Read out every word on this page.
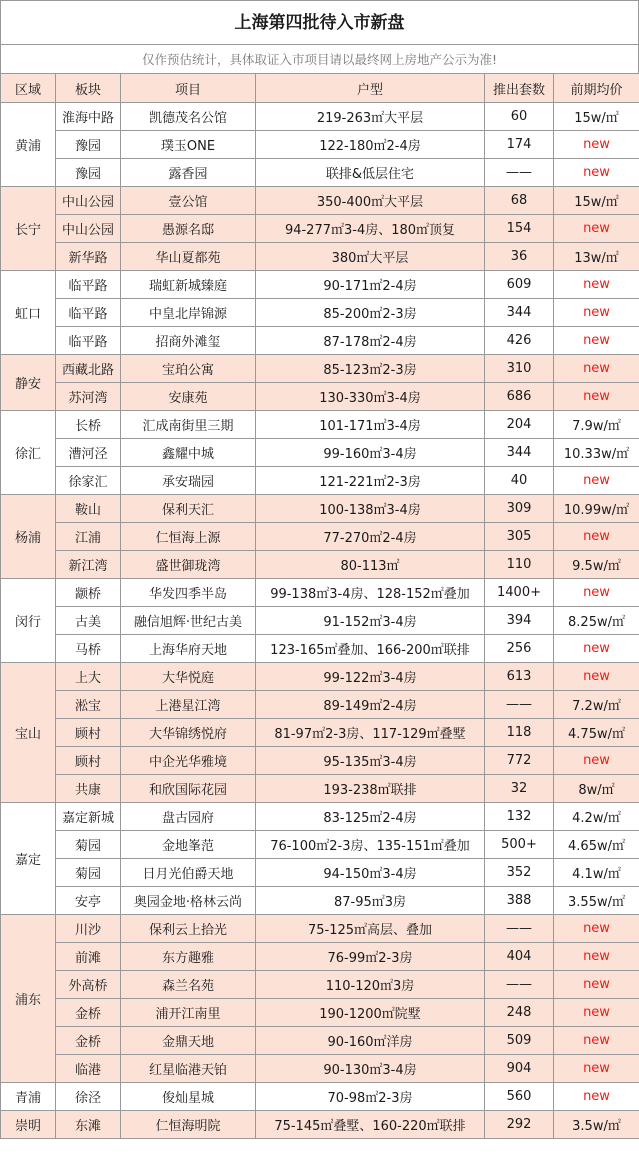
上海第四批待入市新盘
仅作预估统计，具体取证入市项目请以最终网上房地产公示为准!
区域	板块	项目	户型	推出套数	前期均价
黄浦	淮海中路	凯德茂名公馆	219-263㎡大平层	60	15w/㎡
	豫园	璞玉ONE	122-180㎡2-4房	174	new
	豫园	露香园	联排&低层住宅	——	new
长宁	中山公园	壹公馆	350-400㎡大平层	68	15w/㎡
	中山公园	愚源名邸	94-277㎡3-4房、180㎡顶复	154	new
	新华路	华山夏都苑	380㎡大平层	36	13w/㎡
虹口	临平路	瑞虹新城臻庭	90-171㎡2-4房	609	new
	临平路	中皇北岸锦源	85-200㎡2-3房	344	new
	临平路	招商外滩玺	87-178㎡2-4房	426	new
静安	西藏北路	宝珀公寓	85-123㎡2-3房	310	new
	苏河湾	安康苑	130-330㎡3-4房	686	new
徐汇	长桥	汇成南街里三期	101-171㎡3-4房	204	7.9w/㎡
	漕河泾	鑫耀中城	99-160㎡3-4房	344	10.33w/㎡
	徐家汇	承安瑞园	121-221㎡2-3房	40	new
杨浦	鞍山	保利天汇	100-138㎡3-4房	309	10.99w/㎡
	江浦	仁恒海上源	77-270㎡2-4房	305	new
	新江湾	盛世御珑湾	80-113㎡	110	9.5w/㎡
闵行	颛桥	华发四季半岛	99-138㎡3-4房、128-152㎡叠加	1400+	new
	古美	融信旭辉·世纪古美	91-152㎡3-4房	394	8.25w/㎡
	马桥	上海华府天地	123-165㎡叠加、166-200㎡联排	256	new
宝山	上大	大华悦庭	99-122㎡3-4房	613	new
	淞宝	上港星江湾	89-149㎡2-4房	——	7.2w/㎡
	顾村	大华锦绣悦府	81-97㎡2-3房、117-129㎡叠墅	118	4.75w/㎡
	顾村	中企光华雅境	95-135㎡3-4房	772	new
	共康	和欣国际花园	193-238㎡联排	32	8w/㎡
嘉定	嘉定新城	盘古园府	83-125㎡2-4房	132	4.2w/㎡
	菊园	金地峯范	76-100㎡2-3房、135-151㎡叠加	500+	4.65w/㎡
	菊园	日月光伯爵天地	94-150㎡3-4房	352	4.1w/㎡
	安亭	奥园金地·格林云尚	87-95㎡3房	388	3.55w/㎡
浦东	川沙	保利云上拾光	75-125㎡高层、叠加	——	new
	前滩	东方趣雅	76-99㎡2-3房	404	new
	外高桥	森兰名苑	110-120㎡3房	——	new
	金桥	浦开江南里	190-1200㎡院墅	248	new
	金桥	金鼎天地	90-160㎡洋房	509	new
	临港	红星临港天铂	90-130㎡3-4房	904	new
青浦	徐泾	俊灿星城	70-98㎡2-3房	560	new
崇明	东滩	仁恒海明院	75-145㎡叠墅、160-220㎡联排	292	3.5w/㎡
